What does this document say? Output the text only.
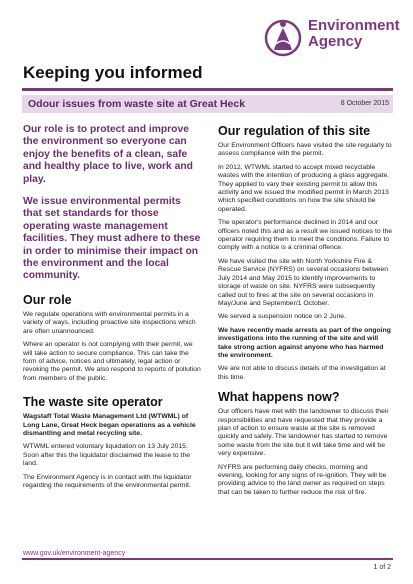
Environment
Agency
Keeping you informed
Odour issues from waste site at Great Heck	8 October 2015

Our role is to protect and improve the environment so everyone can enjoy the benefits of a clean, safe and healthy place to live, work and play.

We issue environmental permits that set standards for those operating waste management facilities. They must adhere to these in order to minimise their impact on the environment and the local community.

Our role

We regulate operations with environmental permits in a variety of ways, including proactive site inspections which are often unannounced.

Where an operator is not complying with their permit, we will take action to secure compliance. This can take the form of advice, notices and ultimately, legal action or revoking the permit. We also respond to reports of pollution from members of the public.

The waste site operator

Wagstaff Total Waste Management Ltd (WTWML) of Long Lane, Great Heck began operations as a vehicle dismantling and metal recycling site.

WTWML entered voluntary liquidation on 13 July 2015. Soon after this the liquidator disclaimed the lease to the land.

The Environment Agency is in contact with the liquidator regarding the requirements of the environmental permit.

Our regulation of this site

Our Environment Officers have visited the site regularly to assess compliance with the permit.

In 2012, WTWML started to accept mixed recyclable wastes with the intention of producing a glass aggregate. They applied to vary their existing permit to allow this activity and we issued the modified permit in March 2013 which specified conditions on how the site should be operated.

The operator's performance declined in 2014 and our officers noted this and as a result we issued notices to the operator requiring them to meet the conditions. Failure to comply with a notice is a criminal offence.

We have visited the site with North Yorkshire Fire & Rescue Service (NYFRS) on several occasions between July 2014 and May 2015 to identify improvements to storage of waste on site. NYFRS were subsequently called out to fires at the site on several occasions in May/June and September/1 October.

We served a suspension notice on 2 June.

We have recently made arrests as part of the ongoing investigations into the running of the site and will take strong action against anyone who has harmed the environment.

We are not able to discuss details of the investigation at this time.

What happens now?

Our officers have met with the landowner to discuss their responsibilities and have requested that they provide a plan of action to ensure waste at the site is removed quickly and safely. The landowner has started to remove some waste from the site but it will take time and will be very expensive.

NYFRS are performing daily checks, morning and evening, looking for any signs of re-ignition. They will be providing advice to the land owner as required on steps that can be taken to further reduce the risk of fire.

www.gov.uk/environment-agency
1 of 2
